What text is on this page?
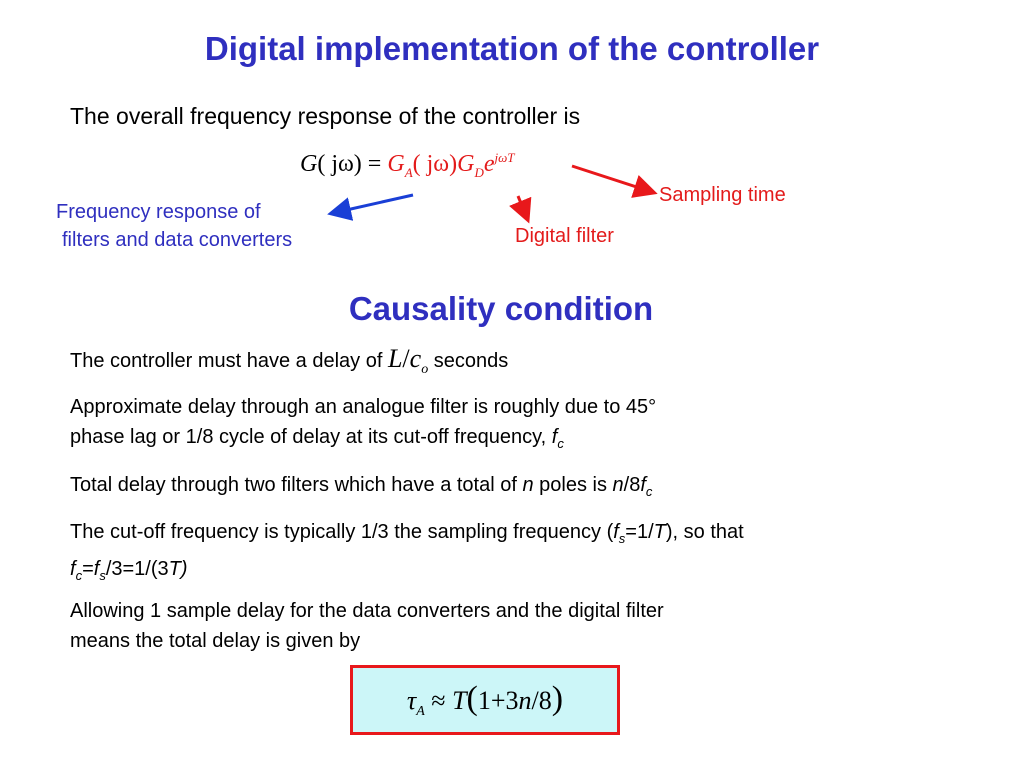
Digital implementation of the controller
The overall frequency response of the controller is
G( $j\omega) = G_A$( $j\omega)G_De^{j\omega T}$
Frequency response of
filters and data converters	Digital filter
Sampling time
Causality condition
The controller must have a delay of $L/c_o$ seconds
Approximate delay through an analogue filter is roughly due to 45°
phase lag or 1/8 cycle of delay at its cut-off frequency, $f_c$
Total delay through two filters which have a total of n poles is $n/8f_c$
The cut-off frequency is typically 1/3 the sampling frequency $(f_s=1/T)$, so that
$f_c=f_s/3=1/(3T)$
Allowing 1 sample delay for the data converters and the digital filter
means the total delay is given by
$\tau_A \approx T(1+3n/8)$
